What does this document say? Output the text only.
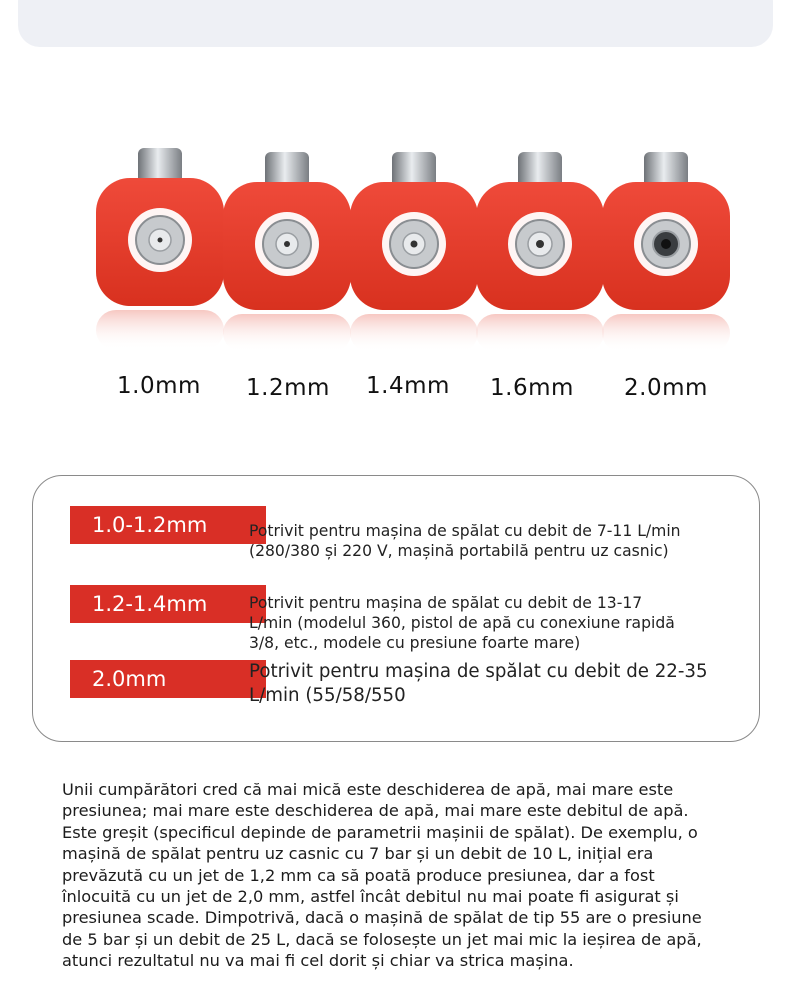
1.0mm 1.2mm 1.4mm 1.6mm 2.0mm
1.0-1.2mm	Potrivit pentru mașina de spălat cu debit de 7-11 L/min
(280/380 și 220 V, mașină portabilă pentru uz casnic)
1.2-1.4mm	Potrivit pentru mașina de spălat cu debit de 13-17
L/min (modelul 360, pistol de apă cu conexiune rapidă
3/8, etc., modele cu presiune foarte mare)
2.0mm	Potrivit pentru mașina de spălat cu debit de 22-35
L/min (55/58/550
Unii cumpărători cred că mai mică este deschiderea de apă, mai mare este
presiunea; mai mare este deschiderea de apă, mai mare este debitul de apă.
Este greșit (specificul depinde de parametrii mașinii de spălat). De exemplu, o
mașină de spălat pentru uz casnic cu 7 bar și un debit de 10 L, inițial era
prevăzută cu un jet de 1,2 mm ca să poată produce presiunea, dar a fost
înlocuită cu un jet de 2,0 mm, astfel încât debitul nu mai poate fi asigurat și
presiunea scade. Dimpotrivă, dacă o mașină de spălat de tip 55 are o presiune
de 5 bar și un debit de 25 L, dacă se folosește un jet mai mic la ieșirea de apă,
atunci rezultatul nu va mai fi cel dorit și chiar va strica mașina.
